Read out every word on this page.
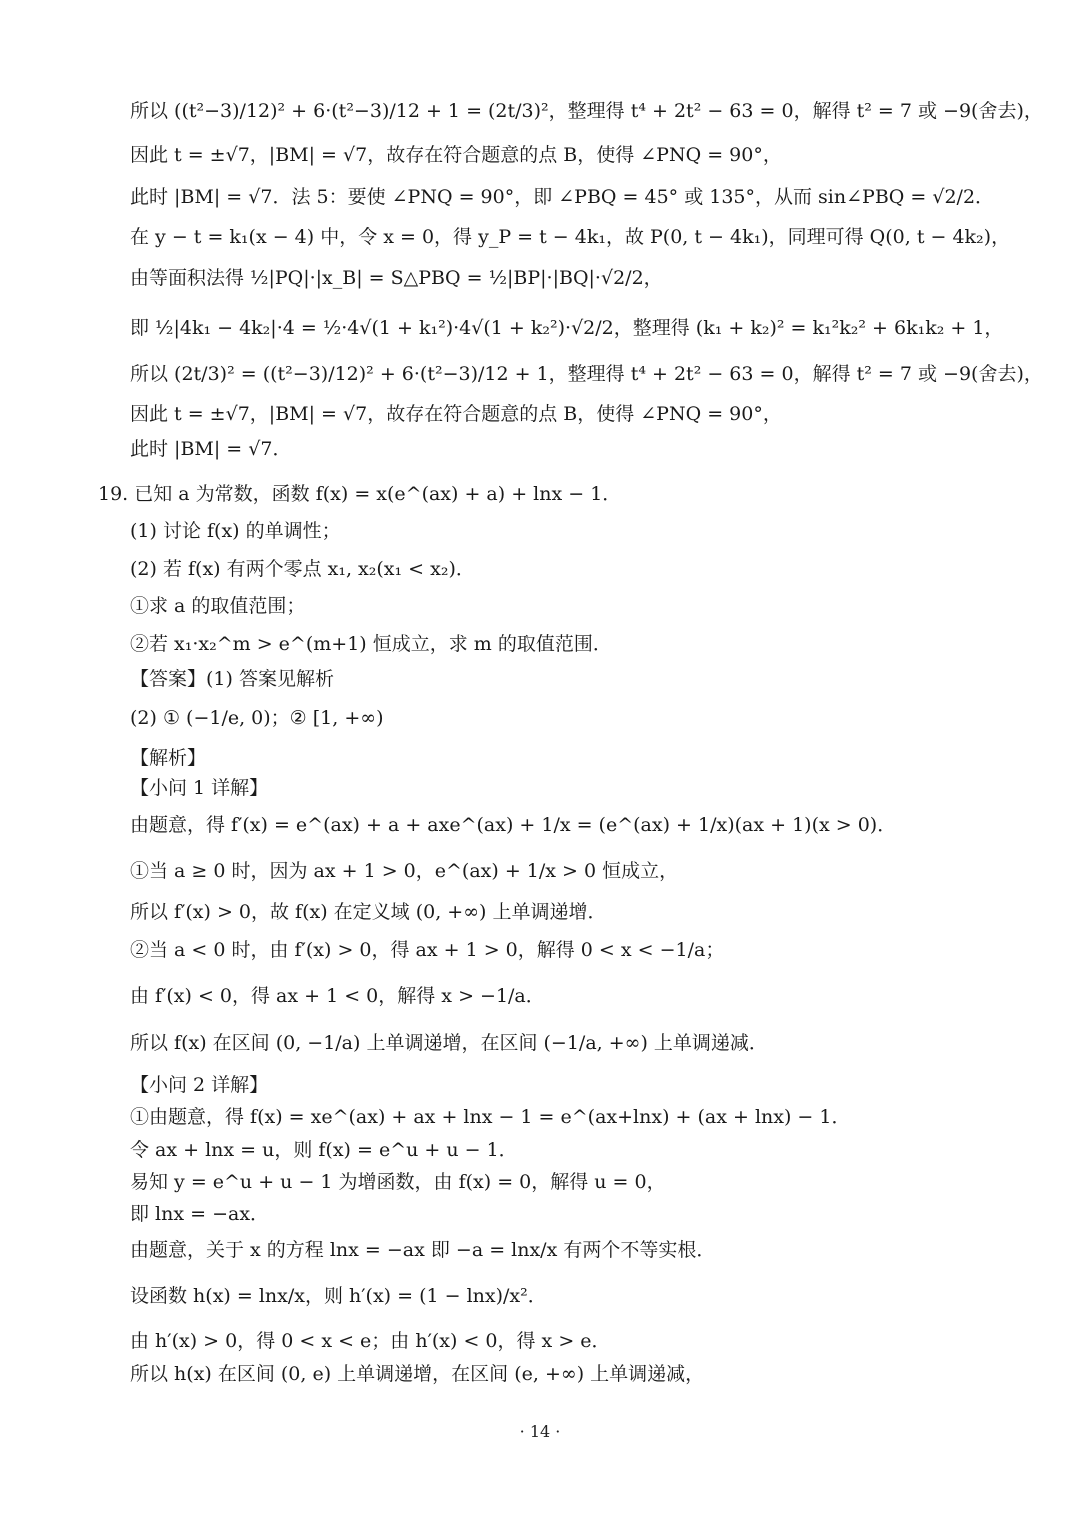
所以 ((t²−3)/12)² + 6·(t²−3)/12 + 1 = (2t/3)²，整理得 t⁴ + 2t² − 63 = 0，解得 t² = 7 或 −9(舍去)，
因此 t = ±√7，|BM| = √7，故存在符合题意的点 B，使得 ∠PNQ = 90°，
此时 |BM| = √7．法 5：要使 ∠PNQ = 90°，即 ∠PBQ = 45° 或 135°，从而 sin∠PBQ = √2/2．
在 y − t = k₁(x − 4) 中，令 x = 0，得 y_P = t − 4k₁，故 P(0, t − 4k₁)，同理可得 Q(0, t − 4k₂)，
由等面积法得 ½|PQ|·|x_B| = S△PBQ = ½|BP|·|BQ|·√2/2，
即 ½|4k₁ − 4k₂|·4 = ½·4√(1 + k₁²)·4√(1 + k₂²)·√2/2，整理得 (k₁ + k₂)² = k₁²k₂² + 6k₁k₂ + 1，
所以 (2t/3)² = ((t²−3)/12)² + 6·(t²−3)/12 + 1，整理得 t⁴ + 2t² − 63 = 0，解得 t² = 7 或 −9(舍去)，
因此 t = ±√7，|BM| = √7，故存在符合题意的点 B，使得 ∠PNQ = 90°，
此时 |BM| = √7．
19. 已知 a 为常数，函数 f(x) = x(e^(ax) + a) + lnx − 1．
(1) 讨论 f(x) 的单调性；
(2) 若 f(x) 有两个零点 x₁, x₂(x₁ < x₂)．
①求 a 的取值范围；
②若 x₁·x₂^m > e^(m+1) 恒成立，求 m 的取值范围．
【答案】(1) 答案见解析
(2) ① (−1/e, 0)；② [1, +∞)
【解析】
【小问 1 详解】
由题意，得 f′(x) = e^(ax) + a + axe^(ax) + 1/x = (e^(ax) + 1/x)(ax + 1)(x > 0)．
①当 a ≥ 0 时，因为 ax + 1 > 0，e^(ax) + 1/x > 0 恒成立，
所以 f′(x) > 0，故 f(x) 在定义域 (0, +∞) 上单调递增．
②当 a < 0 时，由 f′(x) > 0，得 ax + 1 > 0，解得 0 < x < −1/a；
由 f′(x) < 0，得 ax + 1 < 0，解得 x > −1/a．
所以 f(x) 在区间 (0, −1/a) 上单调递增，在区间 (−1/a, +∞) 上单调递减．
【小问 2 详解】
①由题意，得 f(x) = xe^(ax) + ax + lnx − 1 = e^(ax+lnx) + (ax + lnx) − 1．
令 ax + lnx = u，则 f(x) = e^u + u − 1．
易知 y = e^u + u − 1 为增函数，由 f(x) = 0，解得 u = 0，
即 lnx = −ax．
由题意，关于 x 的方程 lnx = −ax 即 −a = lnx/x 有两个不等实根．
设函数 h(x) = lnx/x，则 h′(x) = (1 − lnx)/x²．
由 h′(x) > 0，得 0 < x < e；由 h′(x) < 0，得 x > e．
所以 h(x) 在区间 (0, e) 上单调递增，在区间 (e, +∞) 上单调递减，
· 14 ·
